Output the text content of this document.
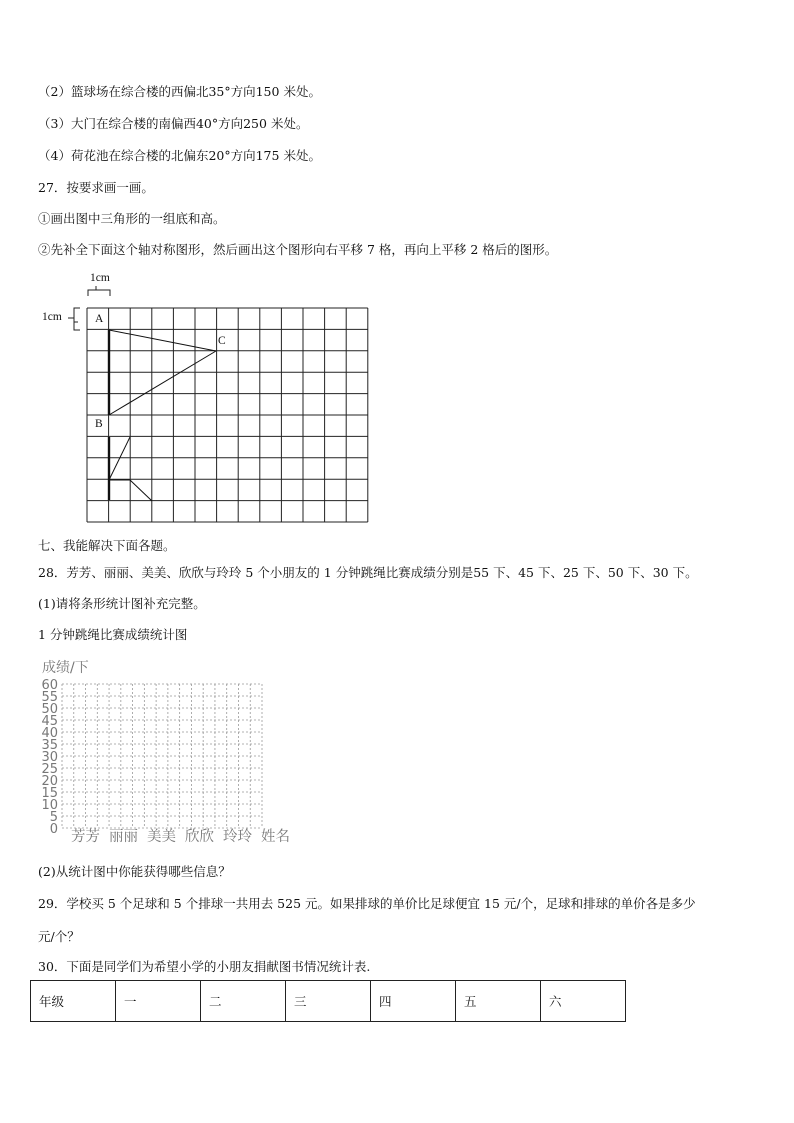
（2）篮球场在综合楼的西偏北35°方向150 米处。
（3）大门在综合楼的南偏西40°方向250 米处。
（4）荷花池在综合楼的北偏东20°方向175 米处。
27．按要求画一画。
①画出图中三角形的一组底和高。
②先补全下面这个轴对称图形，然后画出这个图形向右平移 7 格，再向上平移 2 格后的图形。
1cm
1cm	A
B
C
七、我能解决下面各题。
28．芳芳、丽丽、美美、欣欣与玲玲 5 个小朋友的 1 分钟跳绳比赛成绩分别是55 下、45 下、25 下、50 下、30 下。
(1)请将条形统计图补充完整。
1 分钟跳绳比赛成绩统计图
成绩/下
0
5
10
15
20
25
30
35
40
45
50
55
60
芳芳 丽丽 美美 欣欣 玲玲 姓名
(2)从统计图中你能获得哪些信息？
29．学校买 5 个足球和 5 个排球一共用去 525 元。如果排球的单价比足球便宜 15 元/个，足球和排球的单价各是多少
元/个？
30．下面是同学们为希望小学的小朋友捐献图书情况统计表.
年级	一	二	三	四	五	六
